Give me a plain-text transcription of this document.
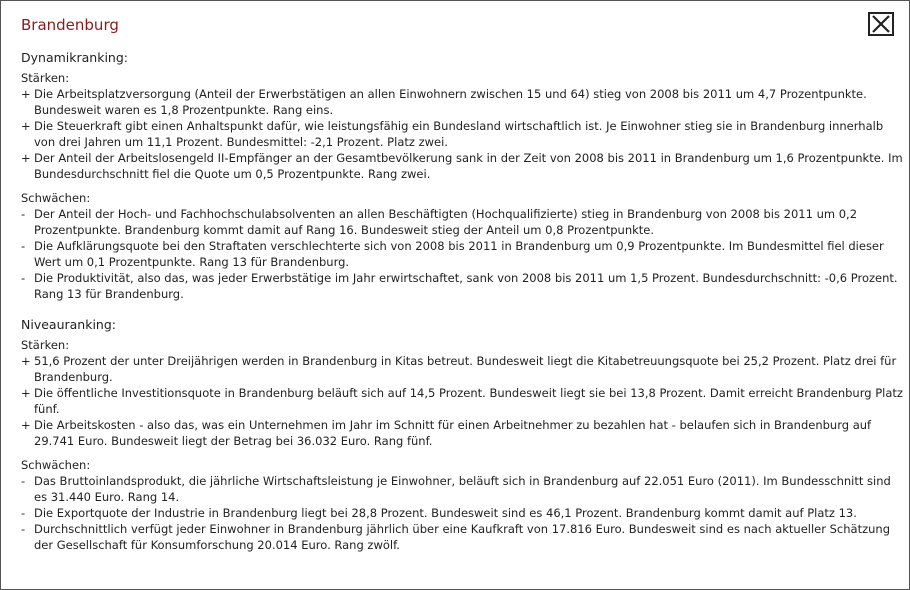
Brandenburg
Dynamikranking:
Stärken:
+ Die Arbeitsplatzversorgung (Anteil der Erwerbstätigen an allen Einwohnern zwischen 15 und 64) stieg von 2008 bis 2011 um 4,7 Prozentpunkte. Bundesweit waren es 1,8 Prozentpunkte. Rang eins.
+ Die Steuerkraft gibt einen Anhaltspunkt dafür, wie leistungsfähig ein Bundesland wirtschaftlich ist. Je Einwohner stieg sie in Brandenburg innerhalb von drei Jahren um 11,1 Prozent. Bundesmittel: -2,1 Prozent. Platz zwei.
+ Der Anteil der Arbeitslosengeld II-Empfänger an der Gesamtbevölkerung sank in der Zeit von 2008 bis 2011 in Brandenburg um 1,6 Prozentpunkte. Im Bundesdurchschnitt fiel die Quote um 0,5 Prozentpunkte. Rang zwei.
Schwächen:
- Der Anteil der Hoch- und Fachhochschulabsolventen an allen Beschäftigten (Hochqualifizierte) stieg in Brandenburg von 2008 bis 2011 um 0,2 Prozentpunkte. Brandenburg kommt damit auf Rang 16. Bundesweit stieg der Anteil um 0,8 Prozentpunkte.
- Die Aufklärungsquote bei den Straftaten verschlechterte sich von 2008 bis 2011 in Brandenburg um 0,9 Prozentpunkte. Im Bundesmittel fiel dieser Wert um 0,1 Prozentpunkte. Rang 13 für Brandenburg.
- Die Produktivität, also das, was jeder Erwerbstätige im Jahr erwirtschaftet, sank von 2008 bis 2011 um 1,5 Prozent. Bundesdurchschnitt: -0,6 Prozent. Rang 13 für Brandenburg.
Niveauranking:
Stärken:
+ 51,6 Prozent der unter Dreijährigen werden in Brandenburg in Kitas betreut. Bundesweit liegt die Kitabetreuungsquote bei 25,2 Prozent. Platz drei für Brandenburg.
+ Die öffentliche Investitionsquote in Brandenburg beläuft sich auf 14,5 Prozent. Bundesweit liegt sie bei 13,8 Prozent. Damit erreicht Brandenburg Platz fünf.
+ Die Arbeitskosten - also das, was ein Unternehmen im Jahr im Schnitt für einen Arbeitnehmer zu bezahlen hat - belaufen sich in Brandenburg auf 29.741 Euro. Bundesweit liegt der Betrag bei 36.032 Euro. Rang fünf.
Schwächen:
- Das Bruttoinlandsprodukt, die jährliche Wirtschaftsleistung je Einwohner, beläuft sich in Brandenburg auf 22.051 Euro (2011). Im Bundesschnitt sind es 31.440 Euro. Rang 14.
- Die Exportquote der Industrie in Brandenburg liegt bei 28,8 Prozent. Bundesweit sind es 46,1 Prozent. Brandenburg kommt damit auf Platz 13.
- Durchschnittlich verfügt jeder Einwohner in Brandenburg jährlich über eine Kaufkraft von 17.816 Euro. Bundesweit sind es nach aktueller Schätzung der Gesellschaft für Konsumforschung 20.014 Euro. Rang zwölf.
